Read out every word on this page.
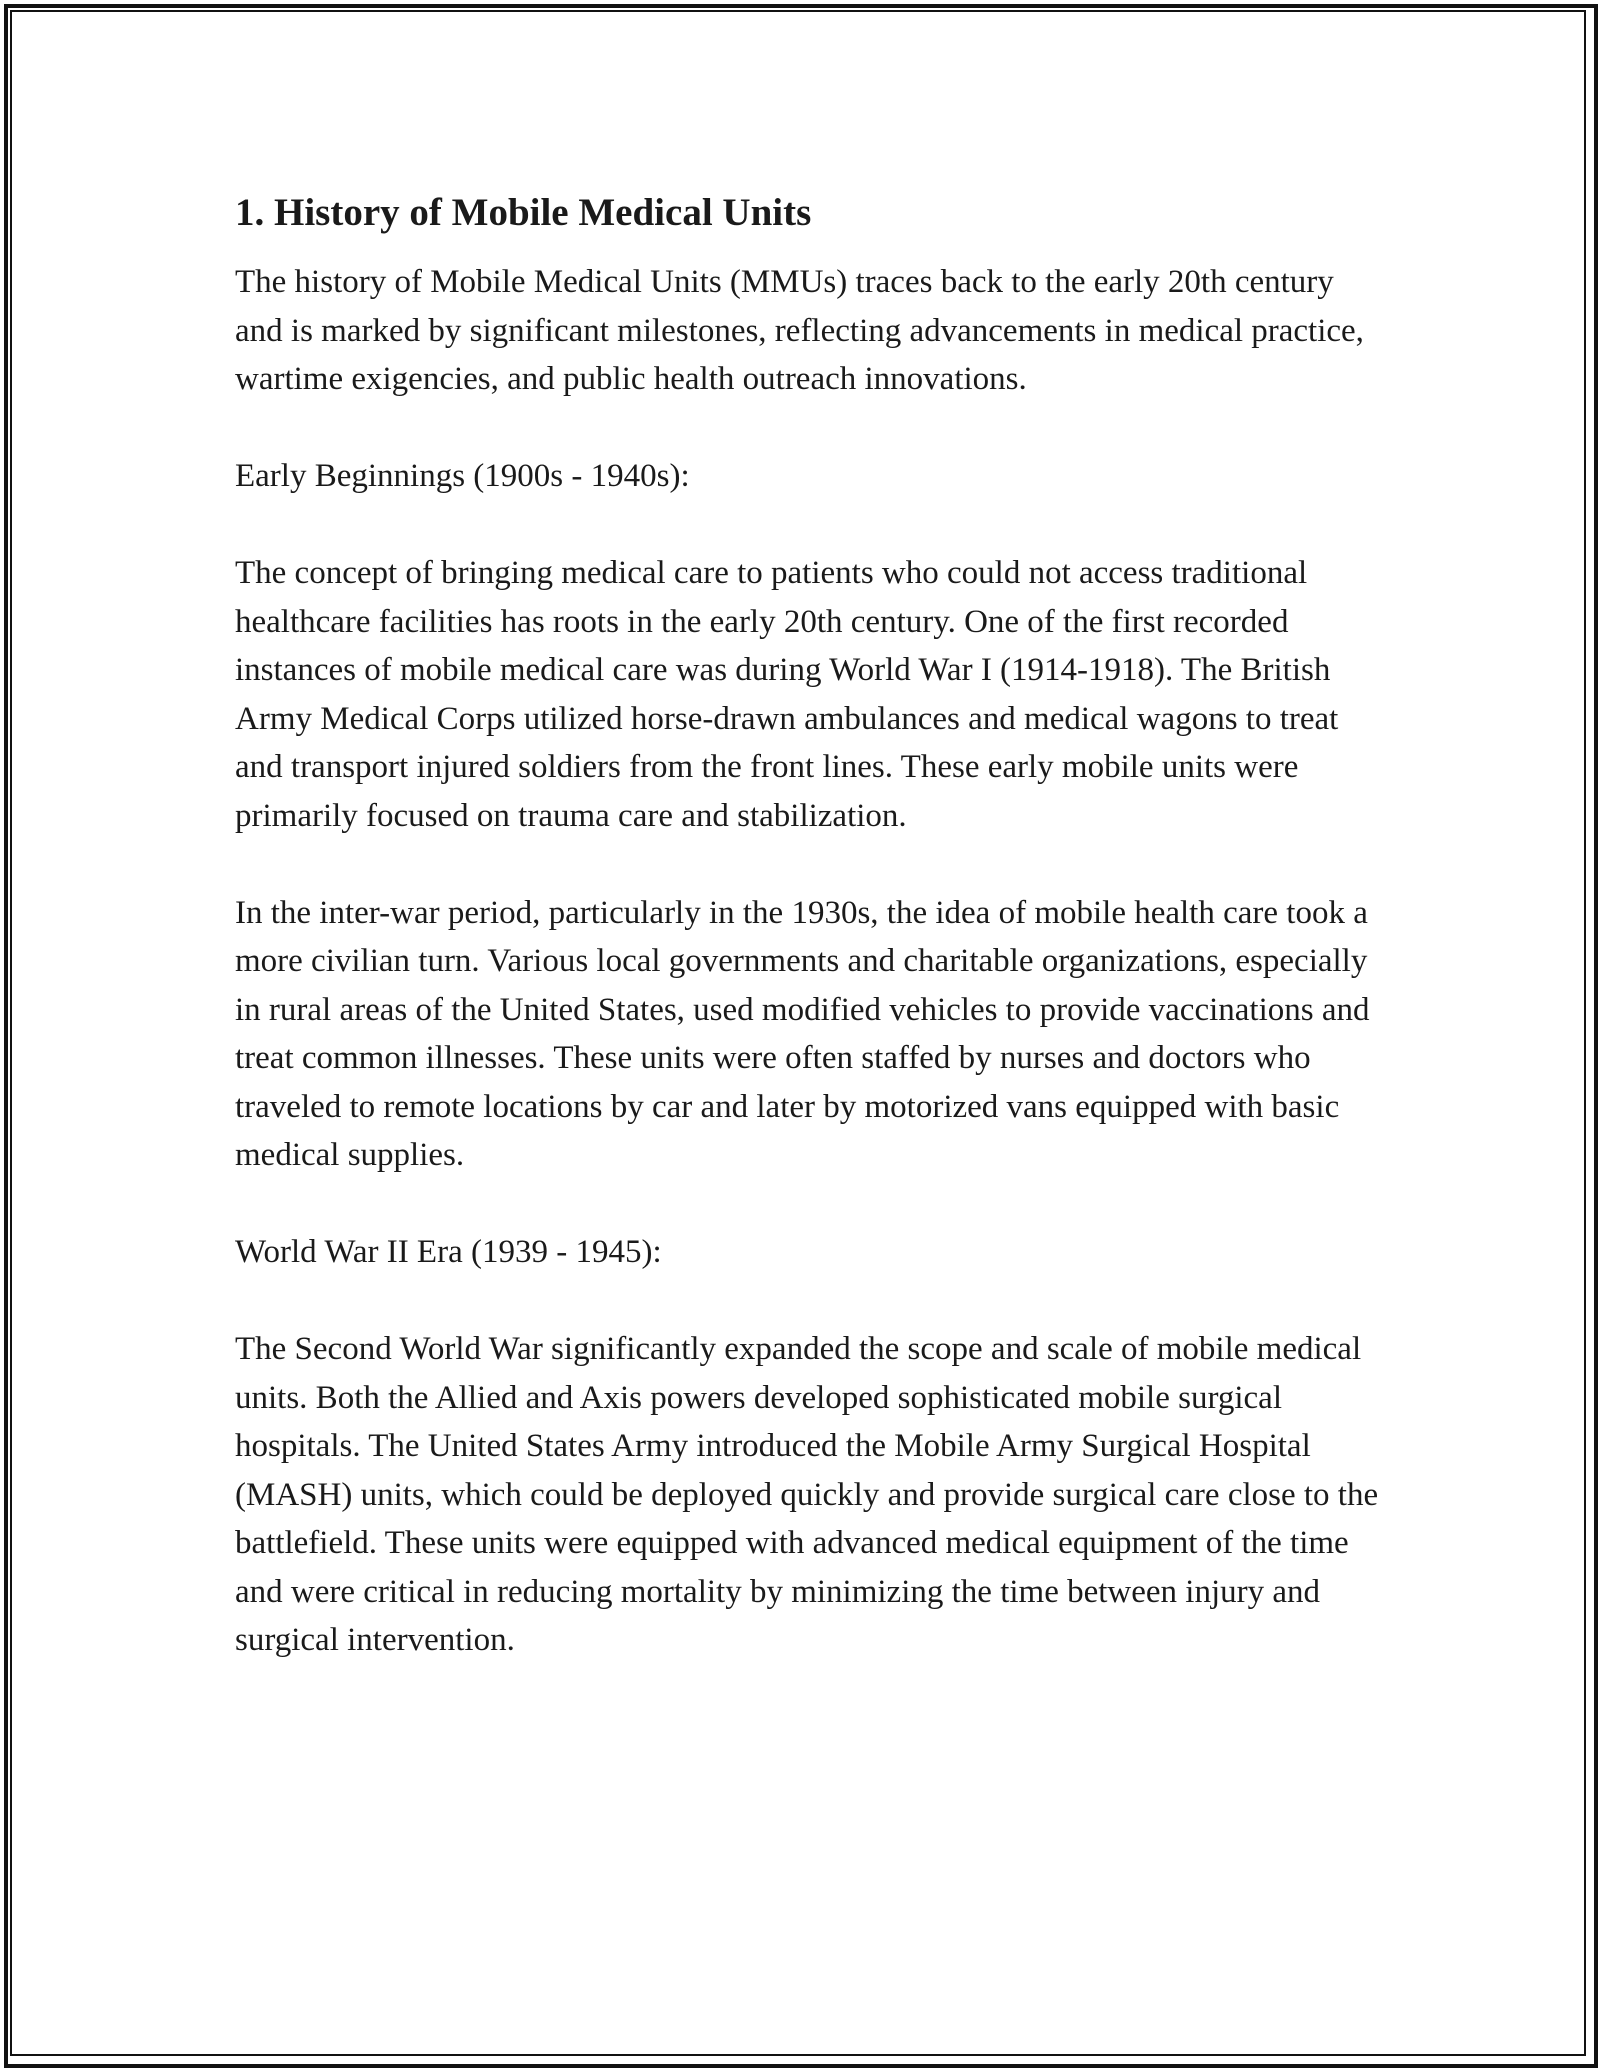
1. History of Mobile Medical Units

The history of Mobile Medical Units (MMUs) traces back to the early 20th century and is marked by significant milestones, reflecting advancements in medical practice, wartime exigencies, and public health outreach innovations.

Early Beginnings (1900s - 1940s):

The concept of bringing medical care to patients who could not access traditional healthcare facilities has roots in the early 20th century. One of the first recorded instances of mobile medical care was during World War I (1914-1918). The British Army Medical Corps utilized horse-drawn ambulances and medical wagons to treat and transport injured soldiers from the front lines. These early mobile units were primarily focused on trauma care and stabilization.

In the inter-war period, particularly in the 1930s, the idea of mobile health care took a more civilian turn. Various local governments and charitable organizations, especially in rural areas of the United States, used modified vehicles to provide vaccinations and treat common illnesses. These units were often staffed by nurses and doctors who traveled to remote locations by car and later by motorized vans equipped with basic medical supplies.

World War II Era (1939 - 1945):

The Second World War significantly expanded the scope and scale of mobile medical units. Both the Allied and Axis powers developed sophisticated mobile surgical hospitals. The United States Army introduced the Mobile Army Surgical Hospital (MASH) units, which could be deployed quickly and provide surgical care close to the battlefield. These units were equipped with advanced medical equipment of the time and were critical in reducing mortality by minimizing the time between injury and surgical intervention.
